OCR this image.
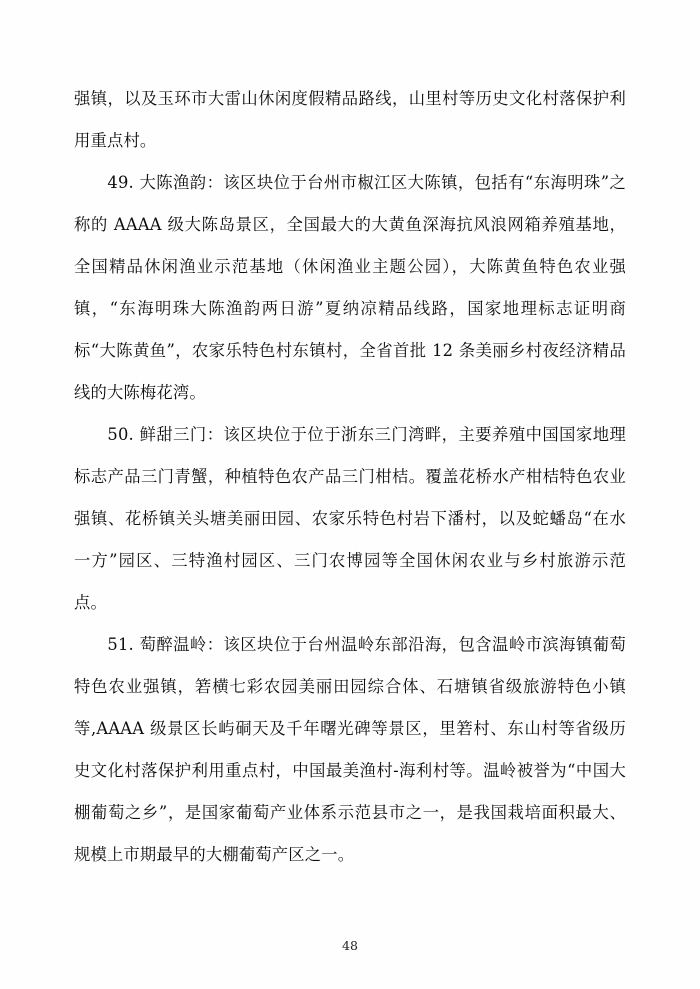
强镇，以及玉环市大雷山休闲度假精品路线，山里村等历史文化村落保护利用重点村。

49. 大陈渔韵：该区块位于台州市椒江区大陈镇，包括有“东海明珠”之称的 AAAA 级大陈岛景区，全国最大的大黄鱼深海抗风浪网箱养殖基地，全国精品休闲渔业示范基地（休闲渔业主题公园），大陈黄鱼特色农业强镇，“东海明珠大陈渔韵两日游”夏纳凉精品线路，国家地理标志证明商标“大陈黄鱼”，农家乐特色村东镇村，全省首批 12 条美丽乡村夜经济精品线的大陈梅花湾。

50. 鲜甜三门：该区块位于位于浙东三门湾畔，主要养殖中国国家地理标志产品三门青蟹，种植特色农产品三门柑桔。覆盖花桥水产柑桔特色农业强镇、花桥镇关头塘美丽田园、农家乐特色村岩下潘村，以及蛇蟠岛“在水一方”园区、三特渔村园区、三门农博园等全国休闲农业与乡村旅游示范点。

51. 萄醉温岭：该区块位于台州温岭东部沿海，包含温岭市滨海镇葡萄特色农业强镇，箬横七彩农园美丽田园综合体、石塘镇省级旅游特色小镇等,AAAA 级景区长屿硐天及千年曙光碑等景区，里箬村、东山村等省级历史文化村落保护利用重点村，中国最美渔村-海利村等。温岭被誉为“中国大棚葡萄之乡”，是国家葡萄产业体系示范县市之一，是我国栽培面积最大、规模上市期最早的大棚葡萄产区之一。

48
